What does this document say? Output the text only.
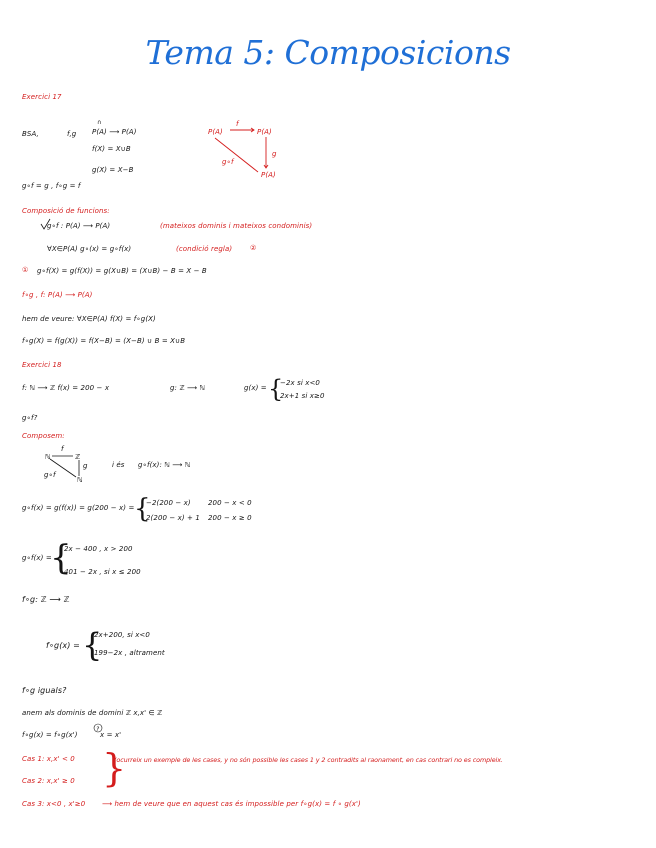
Tema 5: Composicions
Exercici 17
BSA,	f,g
∩
P(A) ⟶ P(A)
f(X) = X∪B
g(X) = X−B
g∘f = g , f∘g = f
P(A)
f
P(A)
g
g∘f
P(A)
Composició de funcions:
g∘f : P(A) ⟶ P(A)	(mateixos dominis i mateixos condominis)
∀X∈P(A) g∘(x) = g∘f(x)	(condició regla)	②
① g∘f(X) = g(f(X)) = g(X∪B) = (X∪B) − B = X − B
f∘g , f: P(A) ⟶ P(A)
hem de veure: ∀X∈P(A) f(X) = f∘g(X)
f∘g(X) = f(g(X)) = f(X−B) = (X−B) ∪ B = X∪B
Exercici 18
f: ℕ ⟶ ℤ f(x) = 200 − x	g: ℤ ⟶ ℕ	g(x) = {
−2x si x<0
2x+1 si x≥0
g∘f?
Composem:
ℕ
f
ℤ
g
g∘f
ℕ
i és g∘f(x): ℕ ⟶ ℕ
g∘f(x) = g(f(x)) = g(200 − x) = {
−2(200 − x) 200 − x < 0
2(200 − x) + 1 200 − x ≥ 0
g∘f(x) =
{
2x − 400 , x > 200
401 − 2x , si x ≤ 200
f∘g: ℤ ⟶ ℤ
f∘g(x) = {
2x+200, si x<0
199−2x , altrament
f∘g iguals?
anem als dominis de domini ℤ x,x' ∈ ℤ
f∘g(x) = f∘g(x')
?
x = x'
Cas 1: x,x' < 0
Cas 2: x,x' ≥ 0 }
(ocurreix un exemple de les cases, y no són possible les cases 1 y 2 contradits al raonament, en cas contrari no es compleix.
Cas 3: x<0 , x'≥0 ⟶ hem de veure que en aquest cas és impossible per f∘g(x) = f ∘ g(x')
